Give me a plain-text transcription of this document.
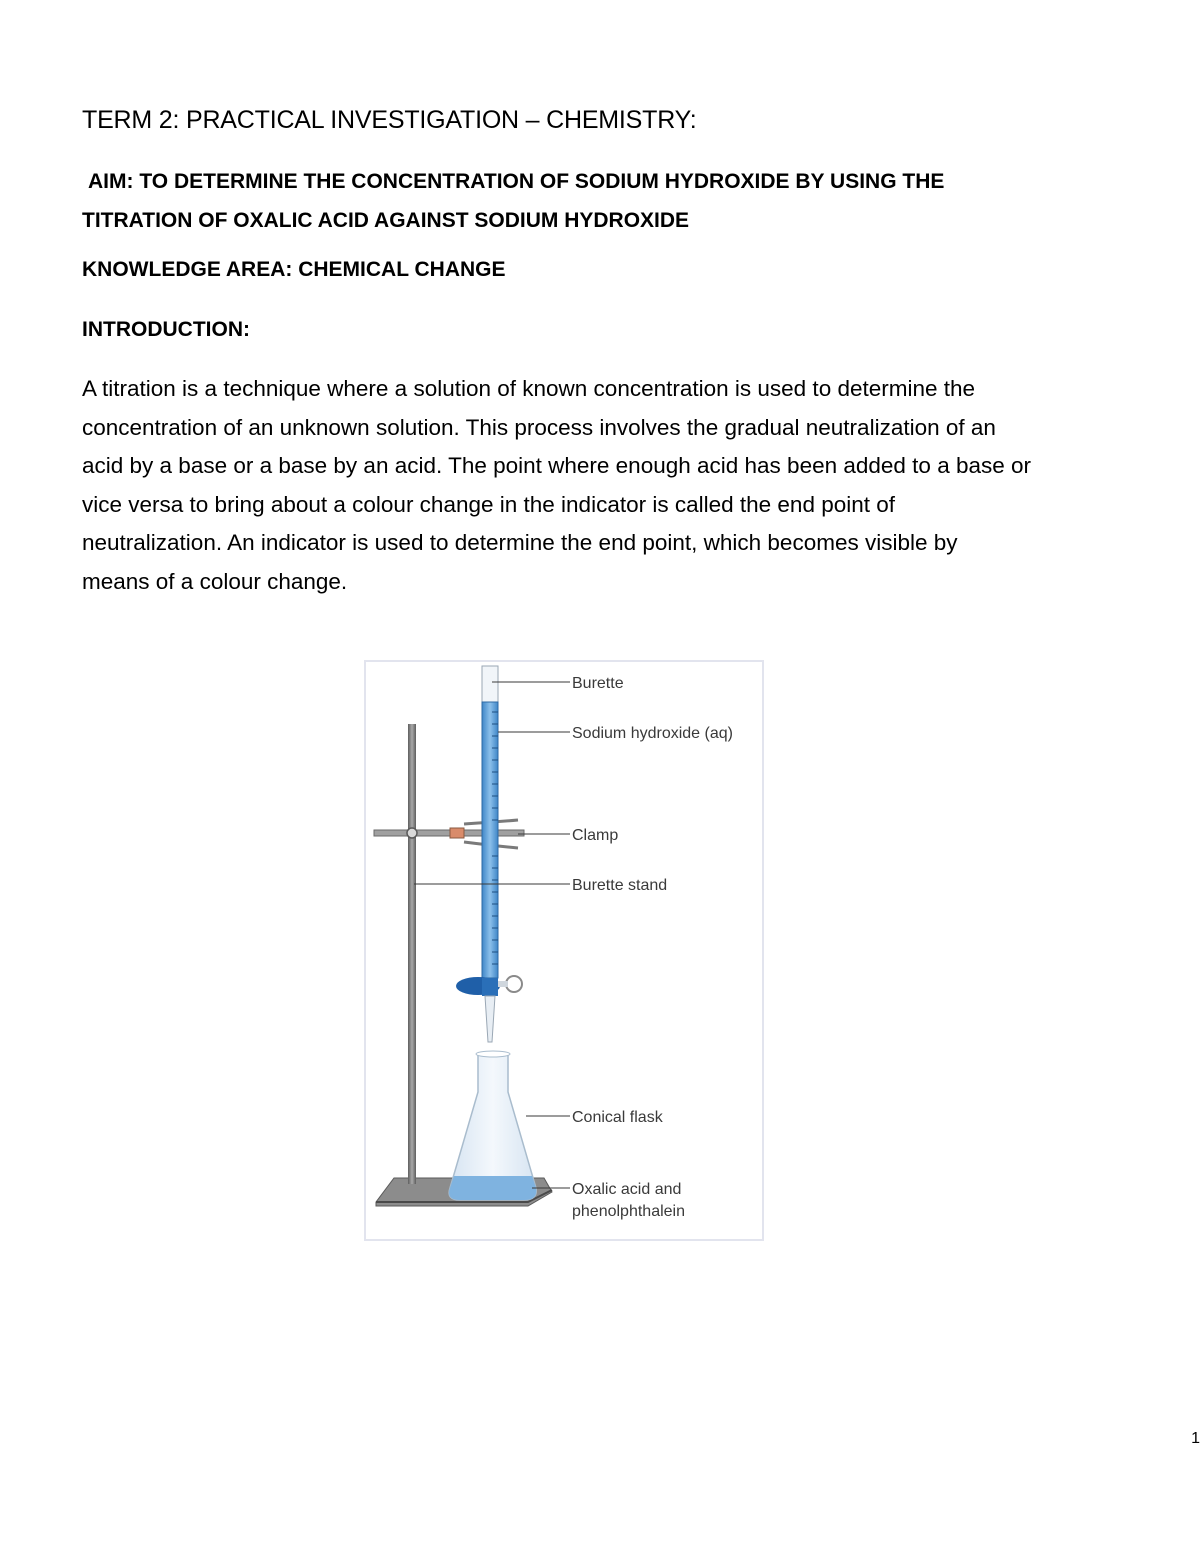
TERM 2: PRACTICAL INVESTIGATION – CHEMISTRY:

AIM: TO DETERMINE THE CONCENTRATION OF SODIUM HYDROXIDE BY USING THE
TITRATION OF OXALIC ACID AGAINST SODIUM HYDROXIDE

KNOWLEDGE AREA: CHEMICAL CHANGE

INTRODUCTION:

A titration is a technique where a solution of known concentration is used to determine the
concentration of an unknown solution. This process involves the gradual neutralization of an
acid by a base or a base by an acid. The point where enough acid has been added to a base or
vice versa to bring about a colour change in the indicator is called the end point of
neutralization. An indicator is used to determine the end point, which becomes visible by
means of a colour change.

Burette
Sodium hydroxide (aq)
Clamp
Burette stand
Conical flask
Oxalic acid and
phenolphthalein
1
